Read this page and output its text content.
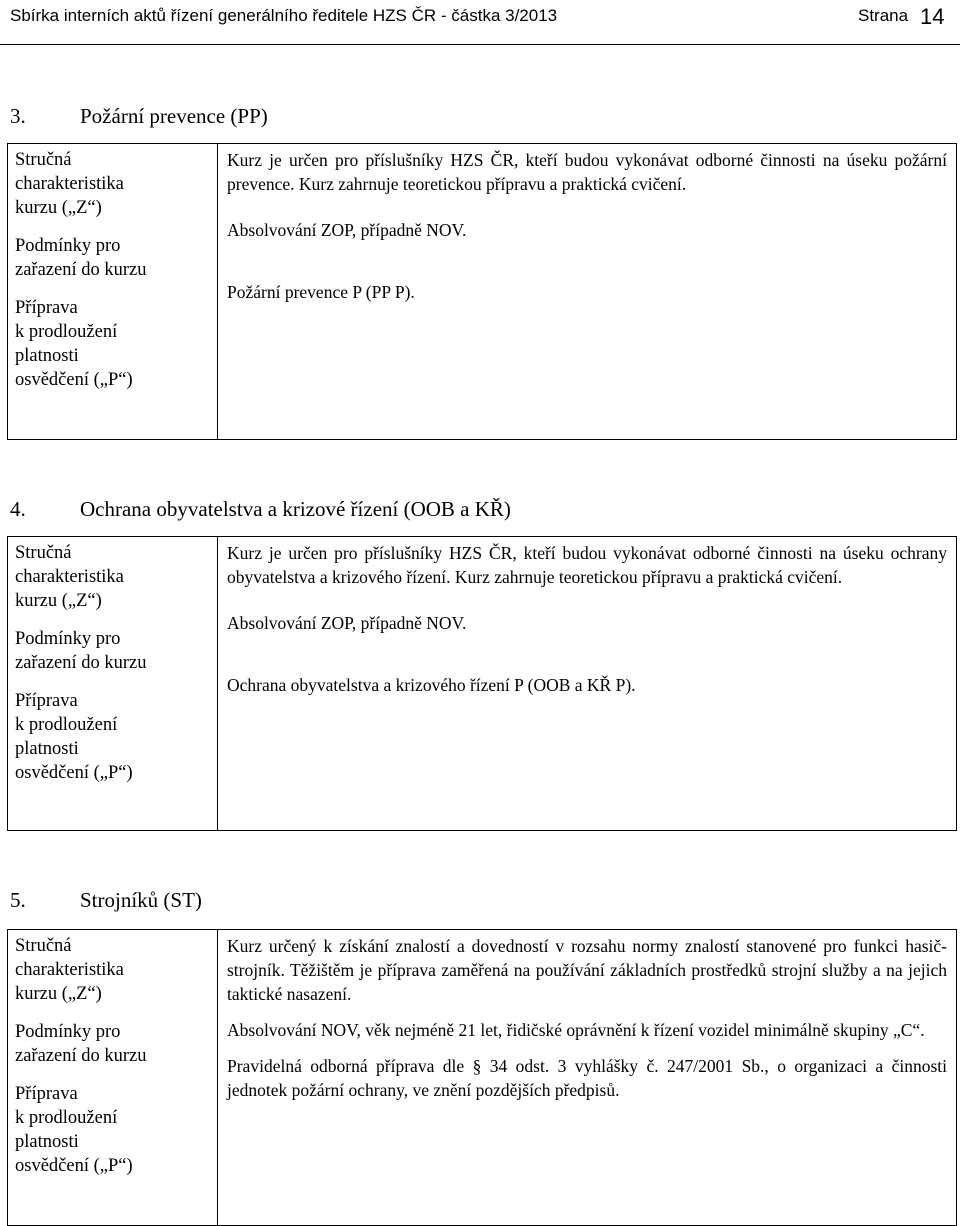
Sbírka interních aktů řízení generálního ředitele HZS ČR - částka 3/2013	Strana 14
3.	Požární prevence (PP)
Stručná
charakteristika
kurzu („Z“)
Podmínky pro
zařazení do kurzu
Příprava
k prodloužení
platnosti
osvědčení („P“)

Kurz je určen pro příslušníky HZS ČR, kteří budou vykonávat odborné činnosti na úseku požární prevence. Kurz zahrnuje teoretickou přípravu a praktická cvičení.
Absolvování ZOP, případně NOV.
Požární prevence P (PP P).
4.	Ochrana obyvatelstva a krizové řízení (OOB a KŘ)
Stručná
charakteristika
kurzu („Z“)
Podmínky pro
zařazení do kurzu
Příprava
k prodloužení
platnosti
osvědčení („P“)

Kurz je určen pro příslušníky HZS ČR, kteří budou vykonávat odborné činnosti na úseku ochrany obyvatelstva a krizového řízení. Kurz zahrnuje teoretickou přípravu a praktická cvičení.
Absolvování ZOP, případně NOV.
Ochrana obyvatelstva a krizového řízení P (OOB a KŘ P).
5.	Strojníků (ST)
Stručná
charakteristika
kurzu („Z“)
Podmínky pro
zařazení do kurzu
Příprava
k prodloužení
platnosti
osvědčení („P“)

Kurz určený k získání znalostí a dovedností v rozsahu normy znalostí stanovené pro funkci hasič-strojník. Těžištěm je příprava zaměřená na používání základních prostředků strojní služby a na jejich taktické nasazení.
Absolvování NOV, věk nejméně 21 let, řidičské oprávnění k řízení vozidel minimálně skupiny „C“.
Pravidelná odborná příprava dle § 34 odst. 3 vyhlášky č. 247/2001 Sb., o organizaci a činnosti jednotek požární ochrany, ve znění pozdějších předpisů.
